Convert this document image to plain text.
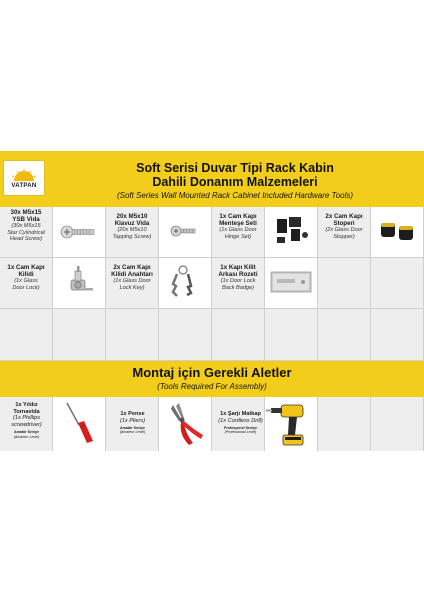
VATPAN
Soft Serisi Duvar Tipi Rack Kabin
Dahili Donanım Malzemeleri
(Soft Series Wall Mounted Rack Cabinet Included Hardware Tools)
30x M5x15
YSB Vida
(30x M5x15
Star Cylindrical
Head Screw)
20x M5x10
Klavuz Vida
(20x M5x10
Tapping Screw)
1x Cam Kapı
Menteşe Seti
(1x Glass Door
Hinge Set)
2x Cam Kapı
Stoperi
(2x Glass Door
Stopper)
1x Cam Kapı
Kilidi
(1x Glass
Door Lock)
2x Cam Kapı
Kilidi Anahtarı
(1x Glass Door
Lock Key)
1x Kapı Kilit
Arkası Rozeti
(1x Door Lock
Back Badge)
Montaj için Gerekli Aletler
(Tools Required For Assembly)
1x Yıldız
Tornavida
(1x Phillips
screwdriver)
Amatör Seviye
(Amateur Level)
1x Pense
(1x Pliers)
Amatör Seviye
(Amateur Level)
1x Şarjı Matkap
(1x Cordless Drill)
Profesyonel Seviye
(Professional Level)
